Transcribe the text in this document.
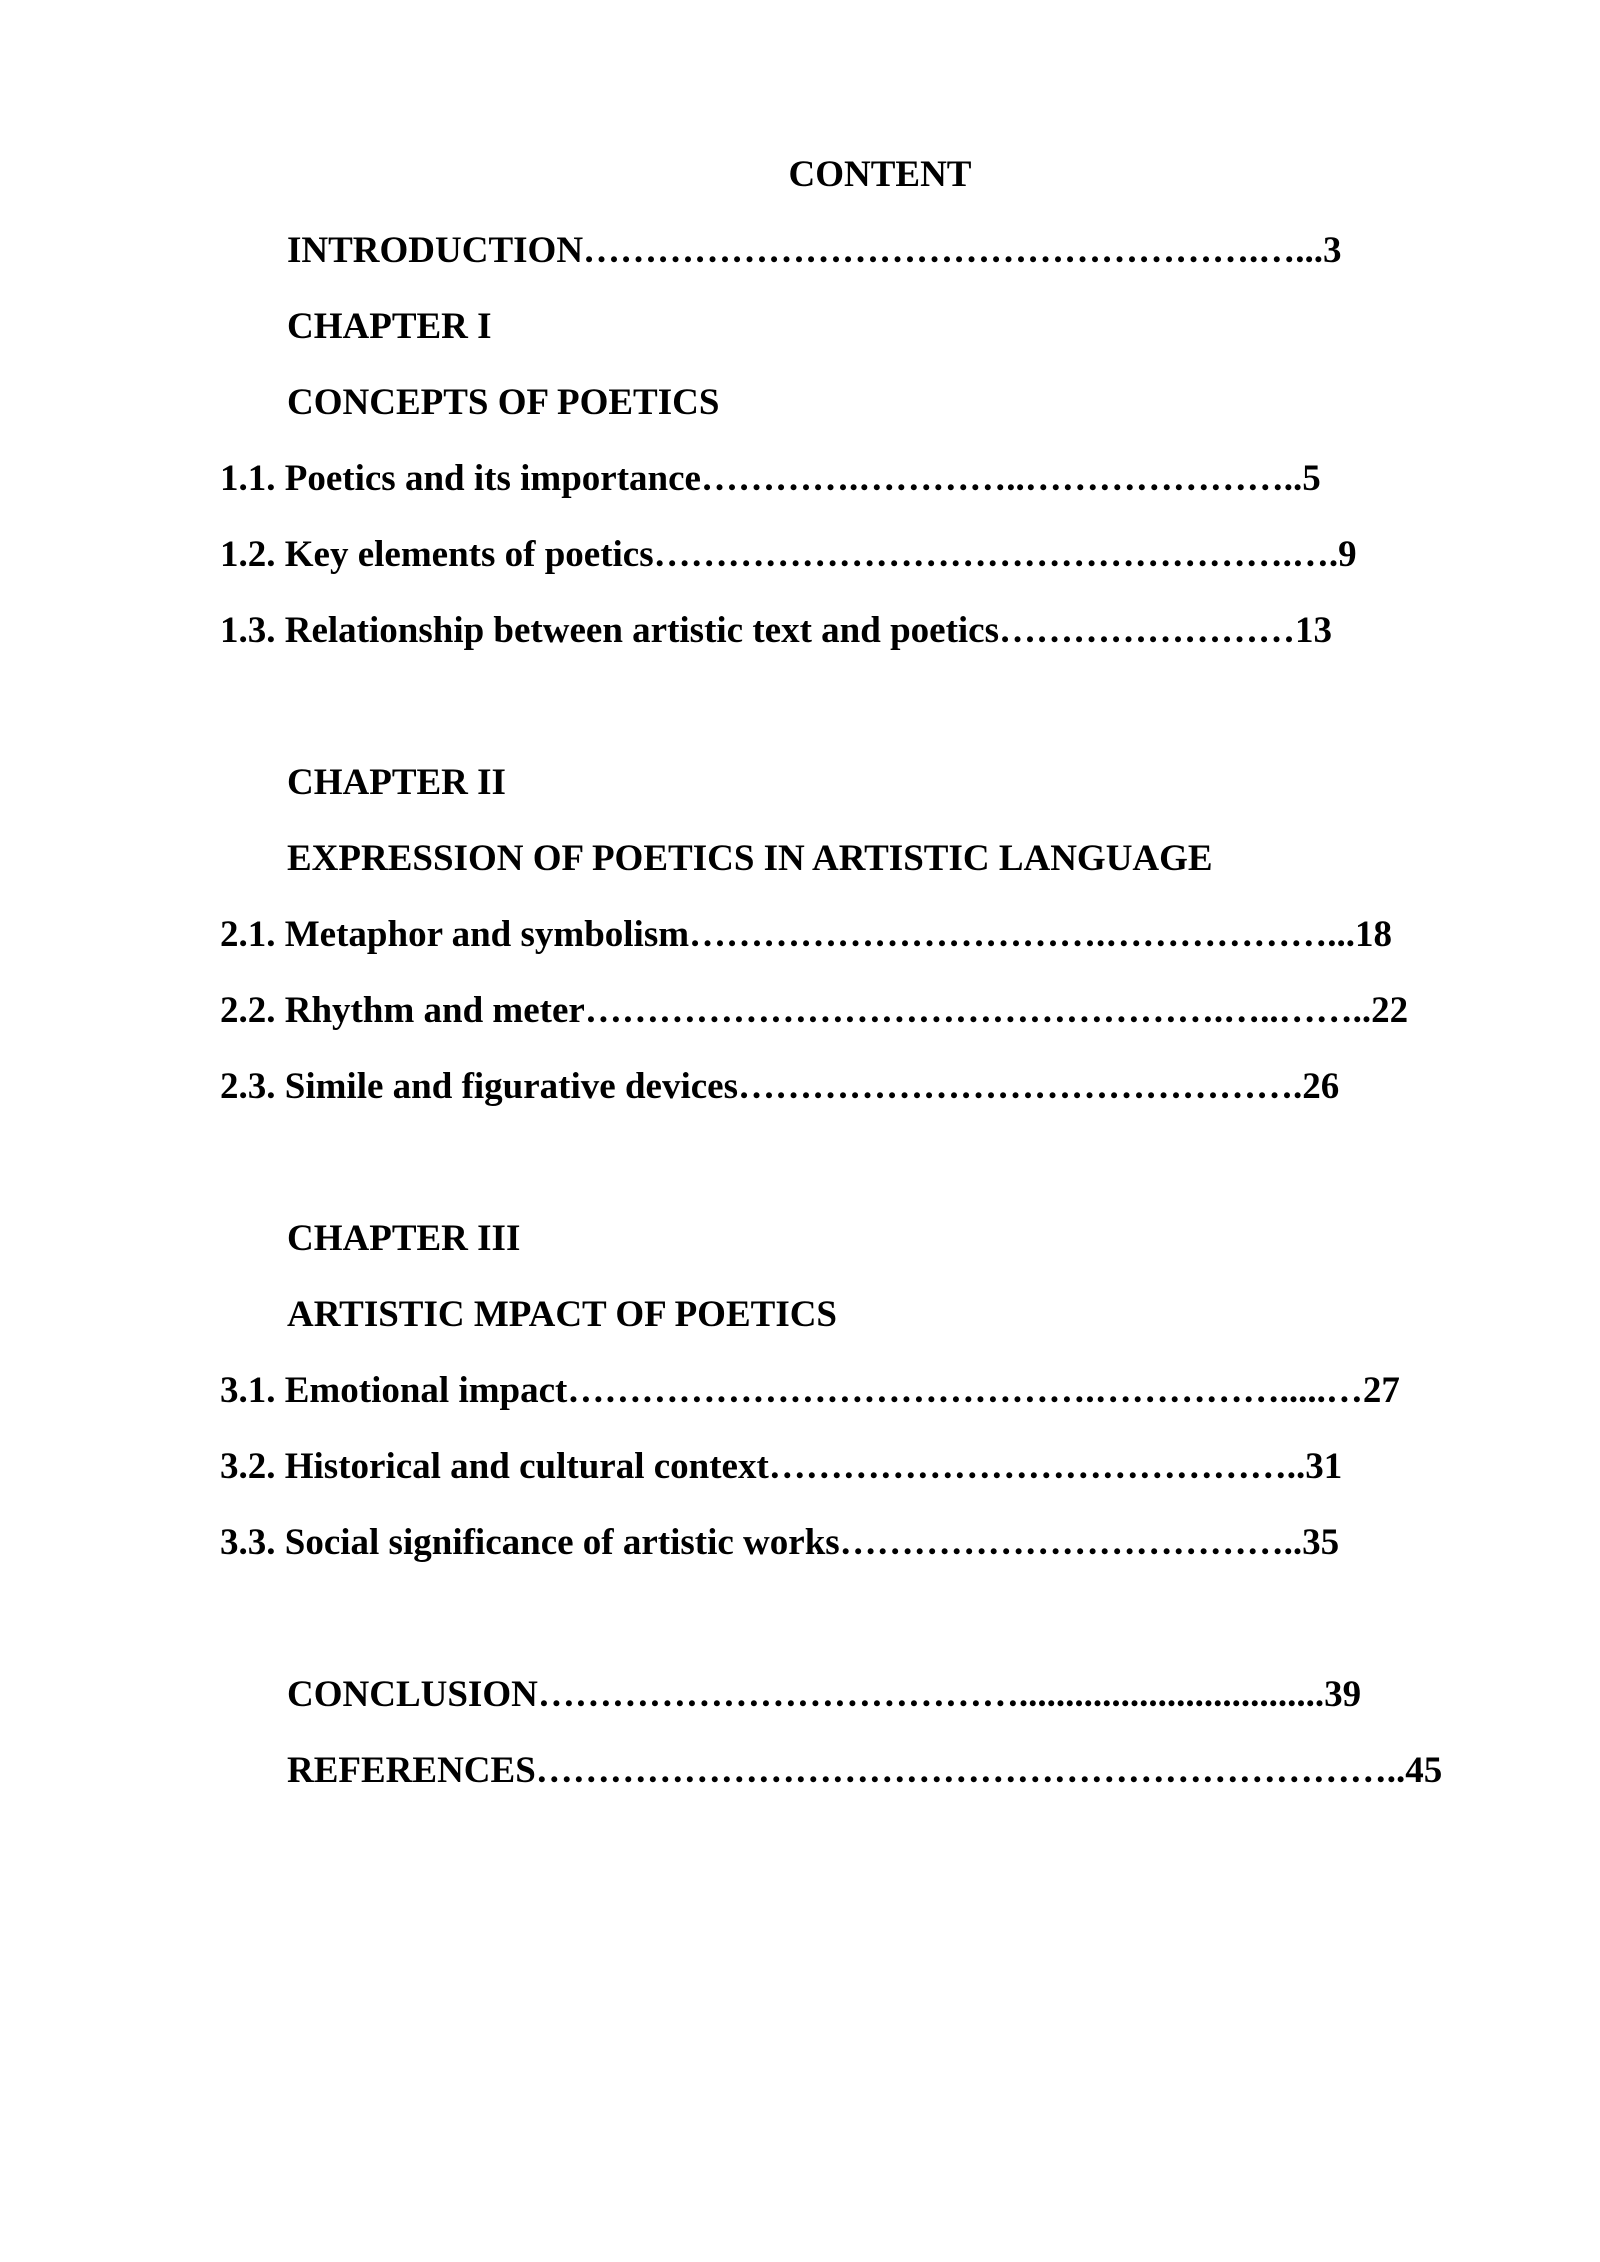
CONTENT
INTRODUCTION……………………………………………….…...3
CHAPTER I
CONCEPTS OF POETICS
1.1. Poetics and its importance………….…………..…………………..5
1.2. Key elements of poetics…………………………………………….….9
1.3. Relationship between artistic text and poetics……………………13
CHAPTER II
EXPRESSION OF POETICS IN ARTISTIC LANGUAGE
2.1. Metaphor and symbolism…………………………….………………...18
2.2. Rhythm and meter…………………………………………….…..……..22
2.3. Simile and figurative devices……………………………………….26
CHAPTER III
ARTISTIC MPACT OF POETICS
3.1. Emotional impact…………………………………….…………….....…27
3.2. Historical and cultural context……………………………………..31
3.3. Social significance of artistic works………………………………..35
CONCLUSION………………………………….................................39
REFERENCES……………………………………………………………..45
